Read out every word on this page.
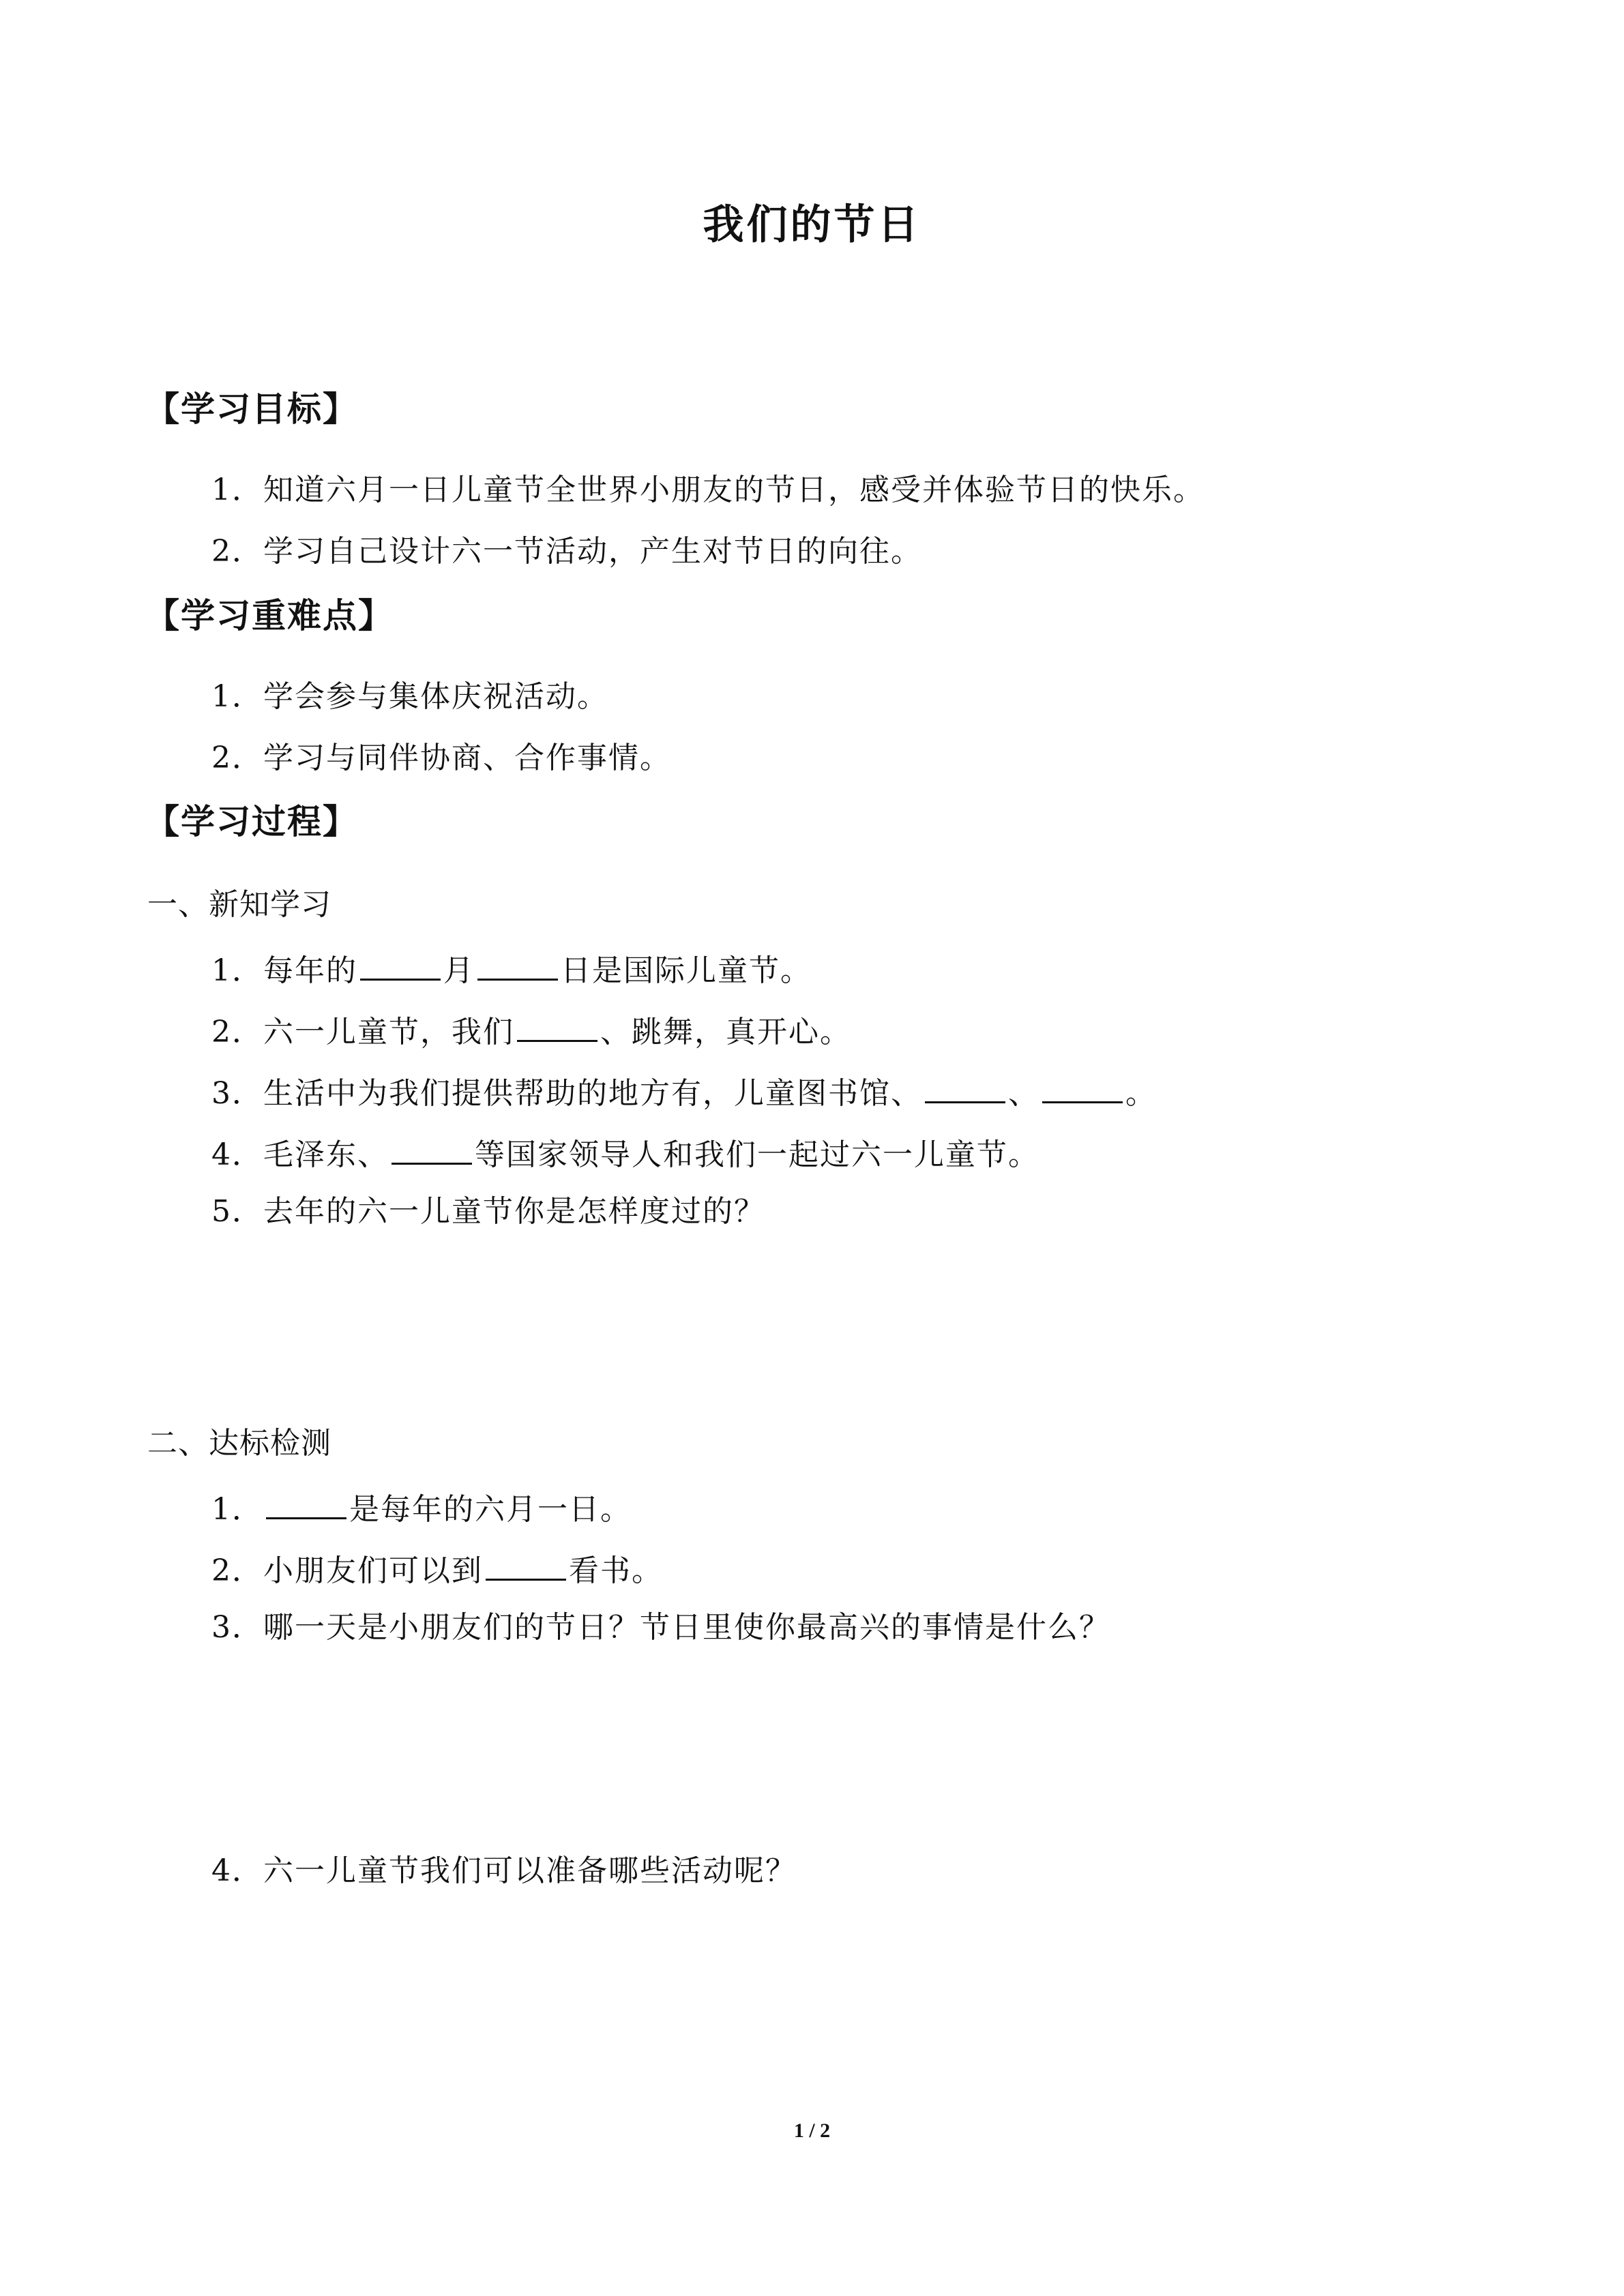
我们的节日
【学习目标】
1．知道六月一日儿童节全世界小朋友的节日，感受并体验节日的快乐。
2．学习自己设计六一节活动，产生对节日的向往。
【学习重难点】
1．学会参与集体庆祝活动。
2．学习与同伴协商、合作事情。
【学习过程】
一、新知学习
1．每年的	月	日是国际儿童节。
2．六一儿童节，我们	、跳舞，真开心。
3．生活中为我们提供帮助的地方有，儿童图书馆、	、	。
4．毛泽东、	等国家领导人和我们一起过六一儿童节。
5．去年的六一儿童节你是怎样度过的？
二、达标检测
1．	是每年的六月一日。
2．小朋友们可以到	看书。
3．哪一天是小朋友们的节日？节日里使你最高兴的事情是什么？
4．六一儿童节我们可以准备哪些活动呢？
1 / 2
